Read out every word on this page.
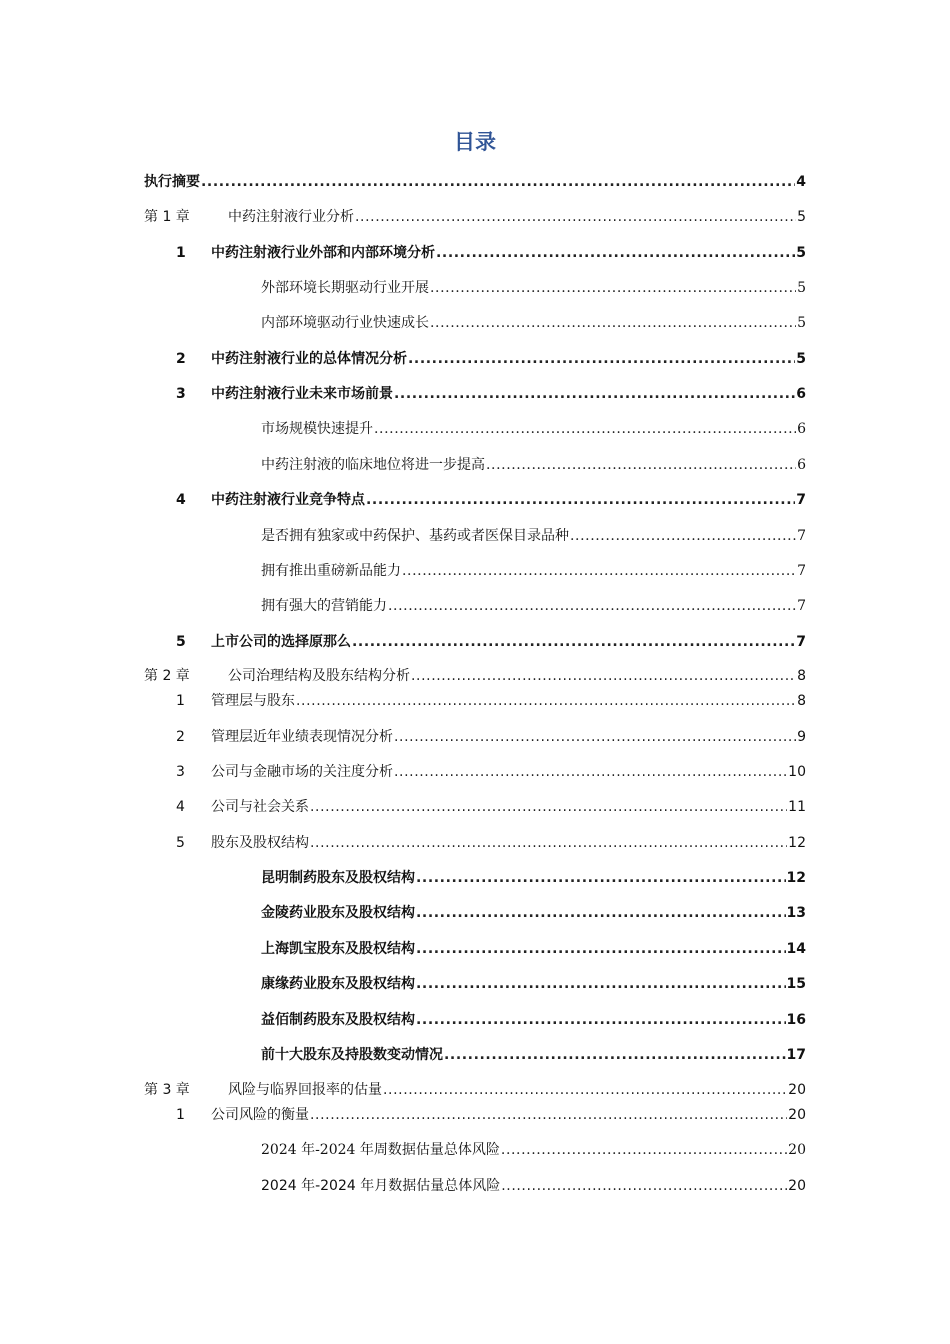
目录
执行摘要 .....	4
第 1 章	中药注射液行业分析 .....	5
1	中药注射液行业外部和内部环境分析 .....	5
外部环境长期驱动行业开展 .....	5
内部环境驱动行业快速成长 .....	5
2	中药注射液行业的总体情况分析 .....	5
3	中药注射液行业未来市场前景 .....	6
市场规模快速提升 .....	6
中药注射液的临床地位将进一步提高 .....	6
4	中药注射液行业竞争特点 .....	7
是否拥有独家或中药保护、基药或者医保目录品种 .....	7
拥有推出重磅新品能力 .....	7
拥有强大的营销能力 .....	7
5	上市公司的选择原那么 .....	7
第 2 章	公司治理结构及股东结构分析 .....	8
1	管理层与股东 .....	8
2	管理层近年业绩表现情况分析 .....	9
3	公司与金融市场的关注度分析 .....	10
4	公司与社会关系 .....	11
5	股东及股权结构 .....	12
昆明制药股东及股权结构 .....	12
金陵药业股东及股权结构 .....	13
上海凯宝股东及股权结构 .....	14
康缘药业股东及股权结构 .....	15
益佰制药股东及股权结构 .....	16
前十大股东及持股数变动情况 .....	17
第 3 章	风险与临界回报率的估量 .....	20
1	公司风险的衡量 .....	20
2024 年-2024 年周数据估量总体风险 .....	20
2024 年-2024 年月数据估量总体风险 .....	20
